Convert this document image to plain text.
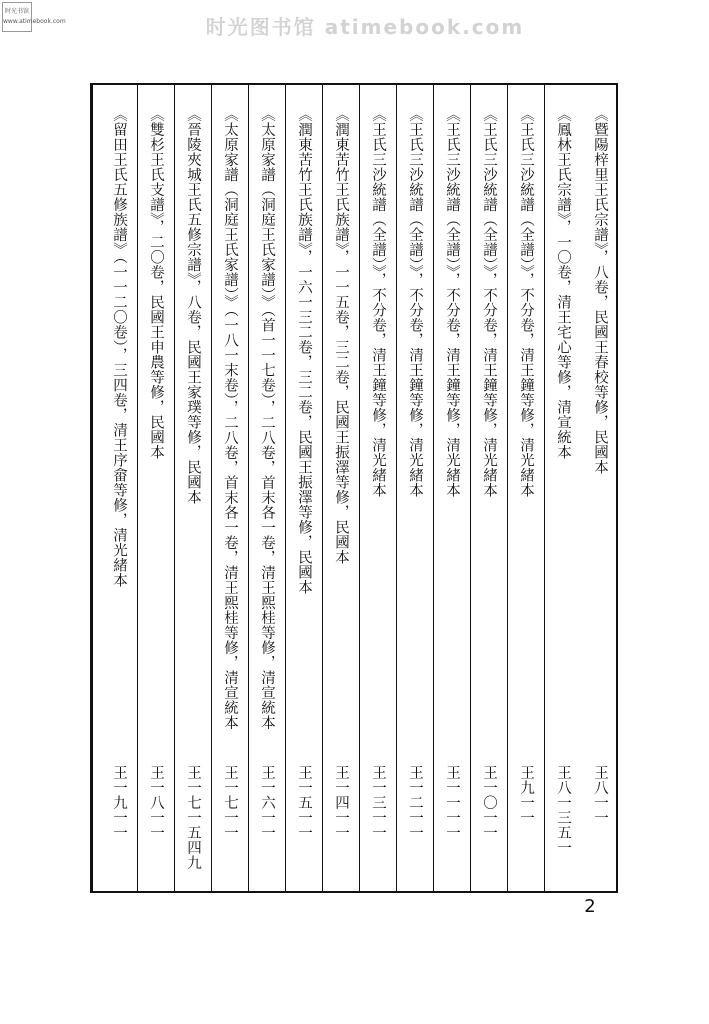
时光书馆 www.atimebook.com	时光图书馆 atimebook.com
《暨陽梓里王氏宗譜》，八卷，民國王春校等修，民國本
王八一一
《鳳林王氏宗譜》，一〇卷，清王宅心等修，清宣統本
王八一三五一
《王氏三沙統譜（全譜）》，不分卷，清王鐘等修，清光緒本
王九一一
《王氏三沙統譜（全譜）》，不分卷，清王鐘等修，清光緒本
王一〇一一
《王氏三沙統譜（全譜）》，不分卷，清王鐘等修，清光緒本
王一一一一
《王氏三沙統譜（全譜）》，不分卷，清王鐘等修，清光緒本
王一二一一
《王氏三沙統譜（全譜）》，不分卷，清王鐘等修，清光緒本
王一三一一
《潤東苦竹王氏族譜》，一一五卷，三二卷，民國王振澤等修，民國本
王一四一一
《潤東苦竹王氏族譜》，一六一三二卷，三二卷，民國王振澤等修，民國本
王一五一一
《太原家譜（洞庭王氏家譜）》（首一一七卷），二八卷，首末各一卷，清王熙桂等修，清宣統本
王一六一一
《太原家譜（洞庭王氏家譜）》（一八一末卷），二八卷，首末各一卷，清王熙桂等修，清宣統本
王一七一一
《晉陵夾城王氏五修宗譜》，八卷，民國王家璞等修，民國本
王一七一五四九
《雙杉王氏支譜》，二〇卷，民國王申農等修，民國本
王一八一一
《留田王氏五修族譜》（一一二〇卷），三四卷，清王序畲等修，清光緒本
王一九一一
2
